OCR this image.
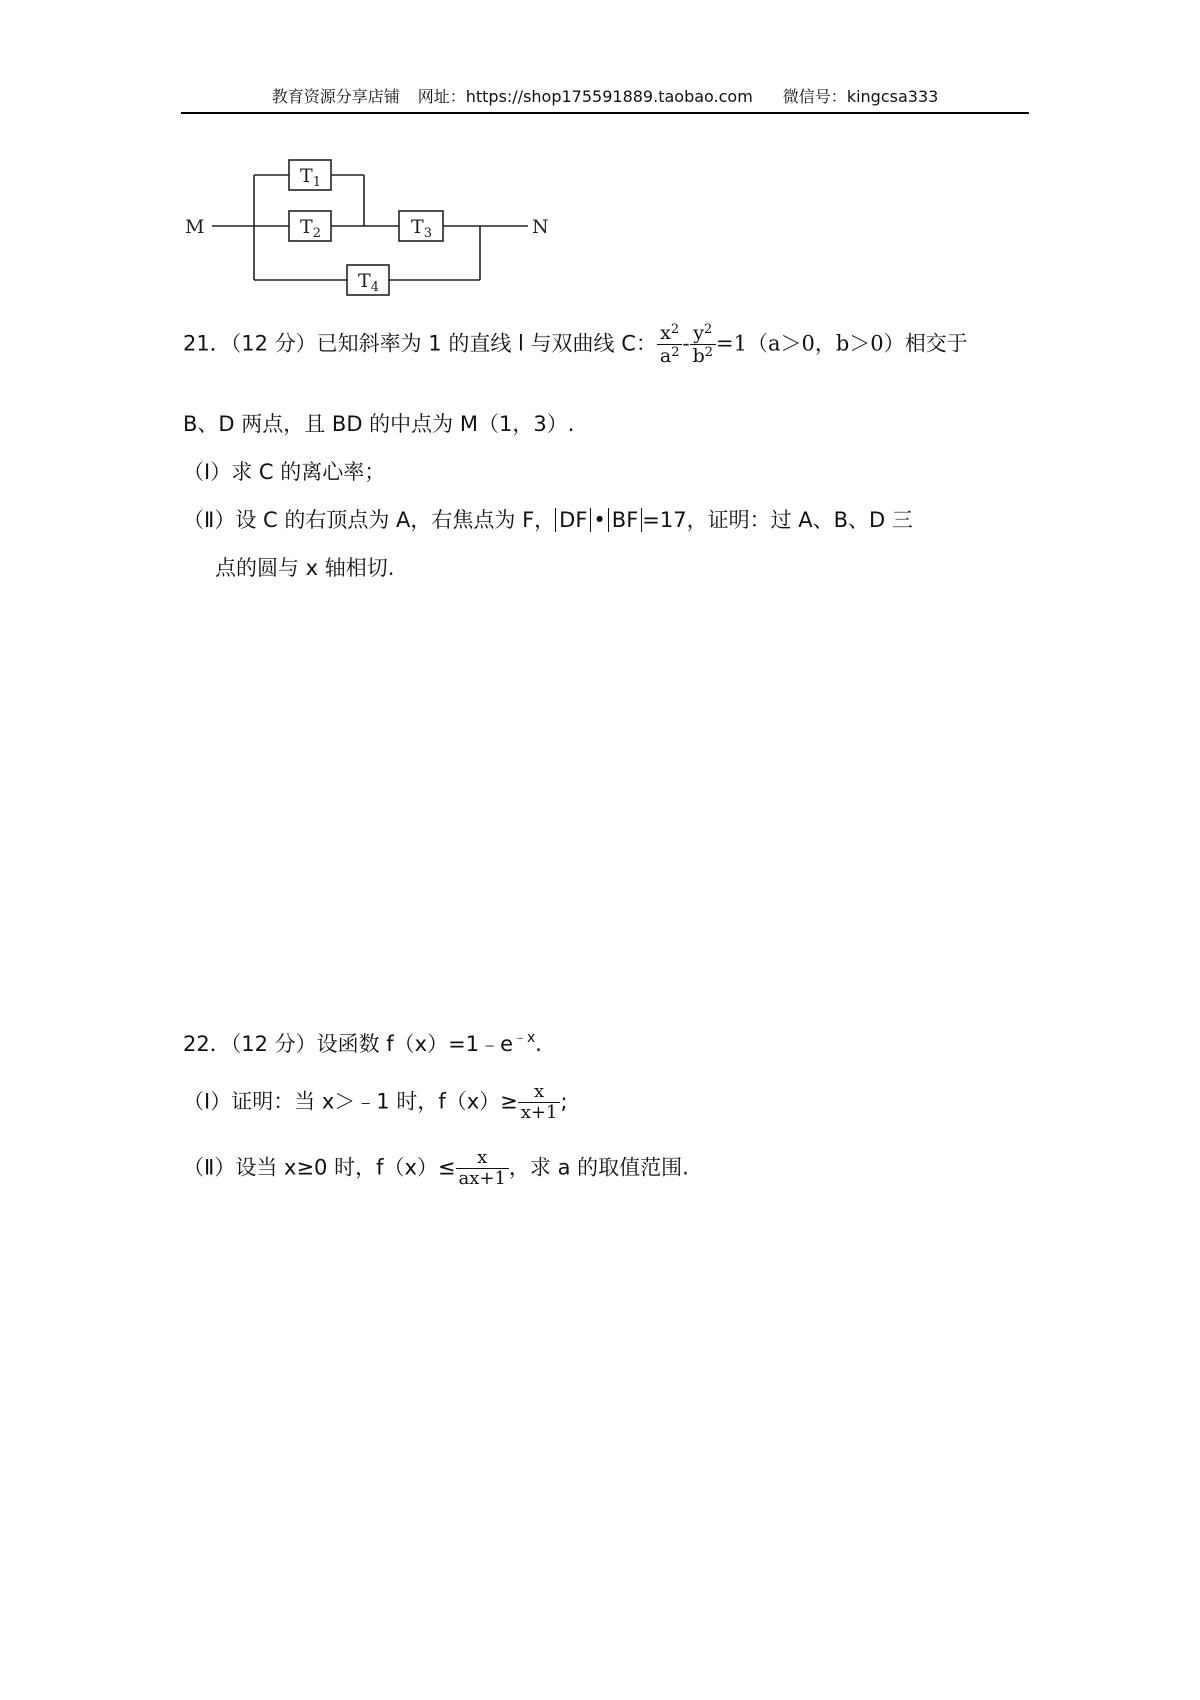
教育资源分享店铺 网址：https://shop175591889.taobao.com 微信号：kingcsa333
M	N
$T_1$
$T_2$	$T_3$
$T_4$
21．（12 分）已知斜率为 1 的直线 l 与双曲线 C： $\frac{x^2}{a^2} - \frac{y^2}{b^2} =1(a>0$，b＞0）相交于
B、D 两点，且 BD 的中点为 M（1，3）.
（Ⅰ）求 C 的离心率；
（Ⅱ）设 C 的右顶点为 A，右焦点为 F， DF • BF =17，证明：过 A、B、D 三
点的圆与 x 轴相切.
22．（12 分）设函数 $f(x)=1﹣e^{﹣x}$.
（Ⅰ）证明：当 x＞﹣1 时，$f(x)\ge \frac{x}{x+1}$ ;
（Ⅱ）设当 x≥0 时，$f(x)\le \frac{x}{ax+1}$ ，求 a 的取值范围.
